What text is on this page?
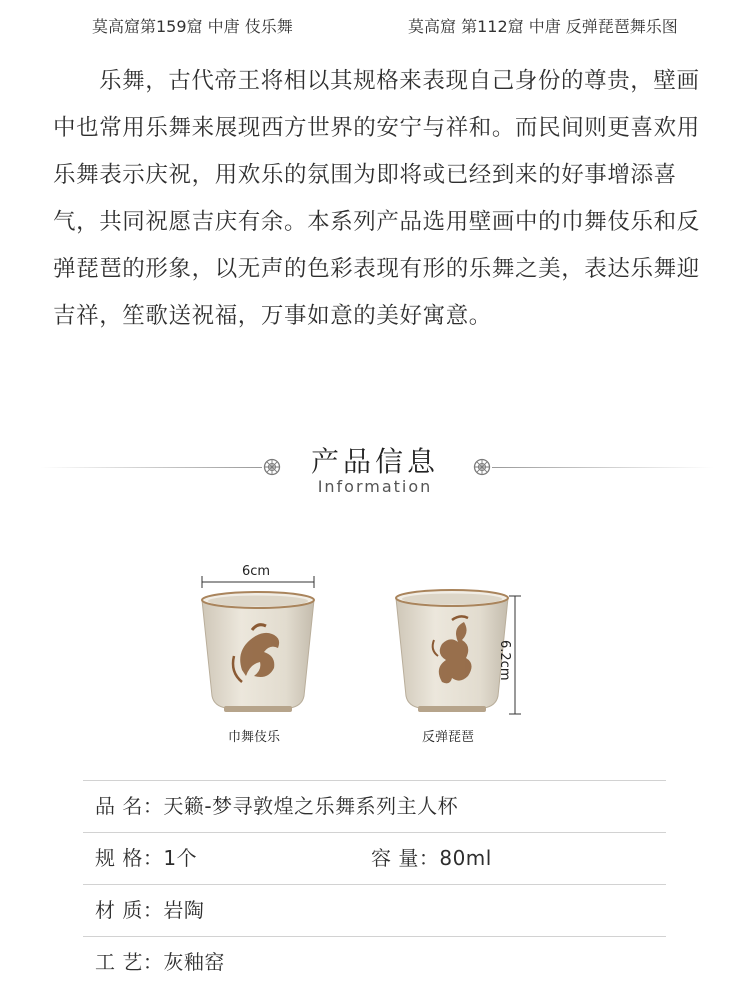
莫高窟第159窟 中唐 伎乐舞	莫高窟 第112窟 中唐 反弹琵琶舞乐图

乐舞，古代帝王将相以其规格来表现自己身份的尊贵，壁画中也常用乐舞来展现西方世界的安宁与祥和。而民间则更喜欢用乐舞表示庆祝，用欢乐的氛围为即将或已经到来的好事增添喜气，共同祝愿吉庆有余。本系列产品选用壁画中的巾舞伎乐和反弹琵琶的形象，以无声的色彩表现有形的乐舞之美，表达乐舞迎吉祥，笙歌送祝福，万事如意的美好寓意。

产品信息
Information
6cm
6.2cm
巾舞伎乐	反弹琵琶
品 名：天籁-梦寻敦煌之乐舞系列主人杯
规 格：1个	容 量：80ml
材 质：岩陶
工 艺：灰釉窑
